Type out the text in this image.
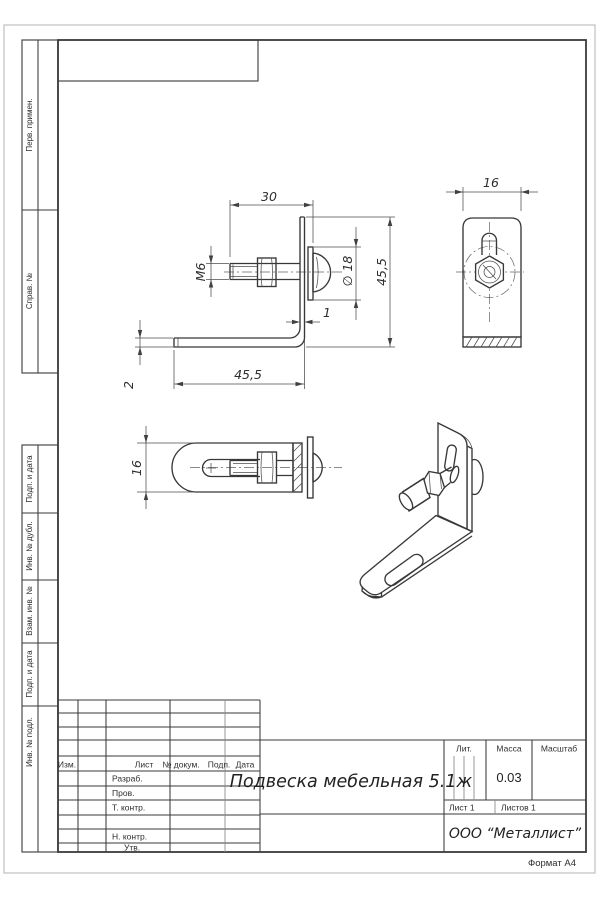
Перв. примен.
Справ. №
Подп. и дата
Инв. № дубл.
Взам. инв. №
Подп. и дата
Инв. № подл.
30
М6	∅ 18 45,5
1
45,5
2
16
16
Изм.	Лист № докум. Подп. Дата
Разраб.
Пров.
Т. контр.
Н. контр.
Утв.
Подвеска мебельная 5.1ж
Лит.	Масса Масштаб
0.03
Лист 1	Листов 1
ООО “Металлист”
Формат А4
